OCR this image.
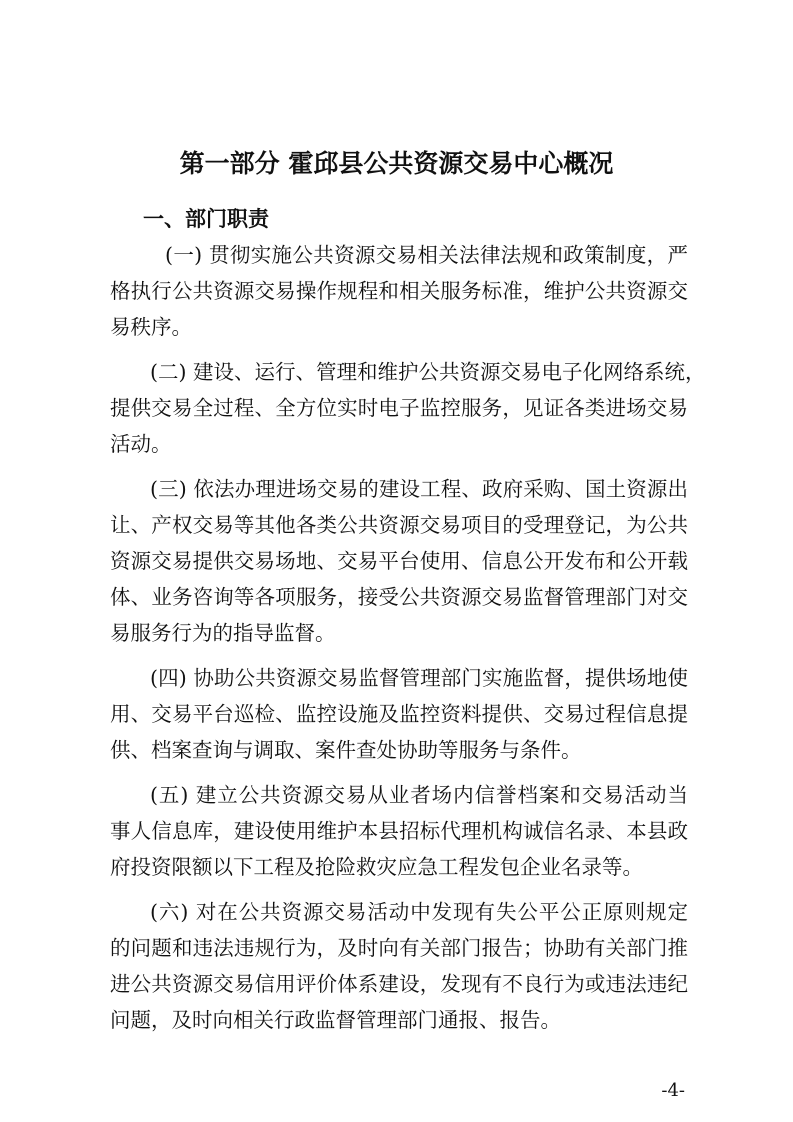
第一部分 霍邱县公共资源交易中心概况
一、部门职责
(一) 贯彻实施公共资源交易相关法律法规和政策制度，严
格执行公共资源交易操作规程和相关服务标准，维护公共资源交
易秩序。
(二) 建设、运行、管理和维护公共资源交易电子化网络系统，
提供交易全过程、全方位实时电子监控服务，见证各类进场交易
活动。
(三) 依法办理进场交易的建设工程、政府采购、国土资源出
让、产权交易等其他各类公共资源交易项目的受理登记，为公共
资源交易提供交易场地、交易平台使用、信息公开发布和公开载
体、业务咨询等各项服务，接受公共资源交易监督管理部门对交
易服务行为的指导监督。
(四) 协助公共资源交易监督管理部门实施监督，提供场地使
用、交易平台巡检、监控设施及监控资料提供、交易过程信息提
供、档案查询与调取、案件查处协助等服务与条件。
(五) 建立公共资源交易从业者场内信誉档案和交易活动当
事人信息库，建设使用维护本县招标代理机构诚信名录、本县政
府投资限额以下工程及抢险救灾应急工程发包企业名录等。
(六) 对在公共资源交易活动中发现有失公平公正原则规定
的问题和违法违规行为，及时向有关部门报告；协助有关部门推
进公共资源交易信用评价体系建设，发现有不良行为或违法违纪
问题，及时向相关行政监督管理部门通报、报告。
-4-
